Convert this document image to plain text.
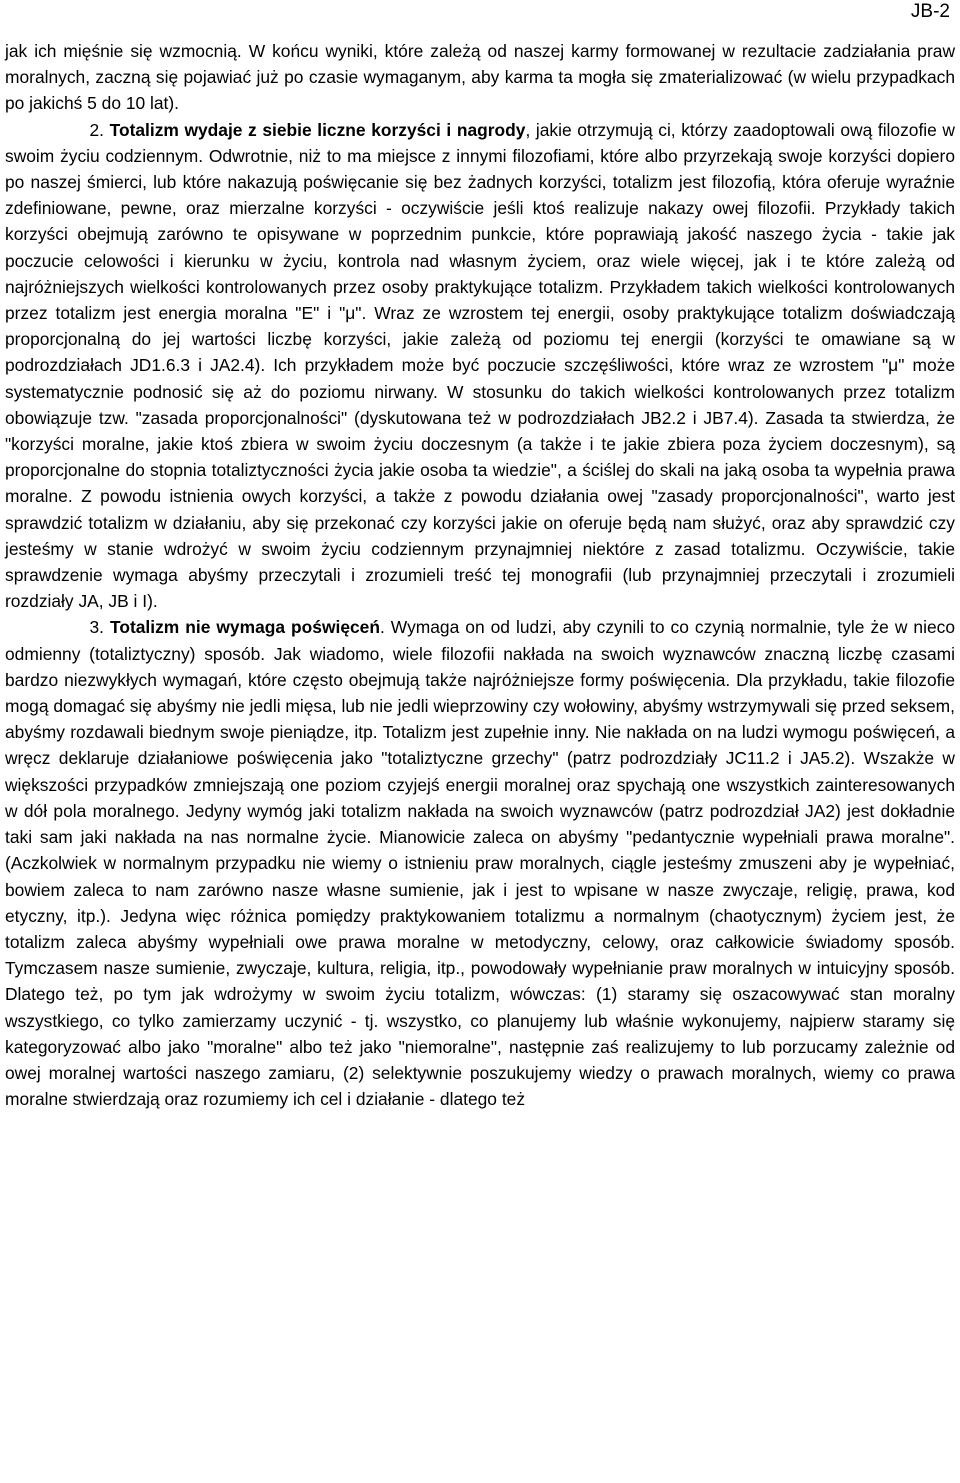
JB-2

jak ich mięśnie się wzmocnią. W końcu wyniki, które zależą od naszej karmy formowanej w rezultacie zadziałania praw moralnych, zaczną się pojawiać już po czasie wymaganym, aby karma ta mogła się zmaterializować (w wielu przypadkach po jakichś 5 do 10 lat).

2. Totalizm wydaje z siebie liczne korzyści i nagrody, jakie otrzymują ci, którzy zaadoptowali ową filozofie w swoim życiu codziennym. Odwrotnie, niż to ma miejsce z innymi filozofiami, które albo przyrzekają swoje korzyści dopiero po naszej śmierci, lub które nakazują poświęcanie się bez żadnych korzyści, totalizm jest filozofią, która oferuje wyraźnie zdefiniowane, pewne, oraz mierzalne korzyści - oczywiście jeśli ktoś realizuje nakazy owej filozofii. Przykłady takich korzyści obejmują zarówno te opisywane w poprzednim punkcie, które poprawiają jakość naszego życia - takie jak poczucie celowości i kierunku w życiu, kontrola nad własnym życiem, oraz wiele więcej, jak i te które zależą od najróżniejszych wielkości kontrolowanych przez osoby praktykujące totalizm. Przykładem takich wielkości kontrolowanych przez totalizm jest energia moralna "E" i "μ". Wraz ze wzrostem tej energii, osoby praktykujące totalizm doświadczają proporcjonalną do jej wartości liczbę korzyści, jakie zależą od poziomu tej energii (korzyści te omawiane są w podrozdziałach JD1.6.3 i JA2.4). Ich przykładem może być poczucie szczęśliwości, które wraz ze wzrostem "μ" może systematycznie podnosić się aż do poziomu nirwany. W stosunku do takich wielkości kontrolowanych przez totalizm obowiązuje tzw. "zasada proporcjonalności" (dyskutowana też w podrozdziałach JB2.2 i JB7.4). Zasada ta stwierdza, że "korzyści moralne, jakie ktoś zbiera w swoim życiu doczesnym (a także i te jakie zbiera poza życiem doczesnym), są proporcjonalne do stopnia totaliztyczności życia jakie osoba ta wiedzie", a ściślej do skali na jaką osoba ta wypełnia prawa moralne. Z powodu istnienia owych korzyści, a także z powodu działania owej "zasady proporcjonalności", warto jest sprawdzić totalizm w działaniu, aby się przekonać czy korzyści jakie on oferuje będą nam służyć, oraz aby sprawdzić czy jesteśmy w stanie wdrożyć w swoim życiu codziennym przynajmniej niektóre z zasad totalizmu. Oczywiście, takie sprawdzenie wymaga abyśmy przeczytali i zrozumieli treść tej monografii (lub przynajmniej przeczytali i zrozumieli rozdziały JA, JB i I).

3. Totalizm nie wymaga poświęceń. Wymaga on od ludzi, aby czynili to co czynią normalnie, tyle że w nieco odmienny (totaliztyczny) sposób. Jak wiadomo, wiele filozofii nakłada na swoich wyznawców znaczną liczbę czasami bardzo niezwykłych wymagań, które często obejmują także najróżniejsze formy poświęcenia. Dla przykładu, takie filozofie mogą domagać się abyśmy nie jedli mięsa, lub nie jedli wieprzowiny czy wołowiny, abyśmy wstrzymywali się przed seksem, abyśmy rozdawali biednym swoje pieniądze, itp. Totalizm jest zupełnie inny. Nie nakłada on na ludzi wymogu poświęceń, a wręcz deklaruje działaniowe poświęcenia jako "totaliztyczne grzechy" (patrz podrozdziały JC11.2 i JA5.2). Wszakże w większości przypadków zmniejszają one poziom czyjejś energii moralnej oraz spychają one wszystkich zainteresowanych w dół pola moralnego. Jedyny wymóg jaki totalizm nakłada na swoich wyznawców (patrz podrozdział JA2) jest dokładnie taki sam jaki nakłada na nas normalne życie. Mianowicie zaleca on abyśmy "pedantycznie wypełniali prawa moralne". (Aczkolwiek w normalnym przypadku nie wiemy o istnieniu praw moralnych, ciągle jesteśmy zmuszeni aby je wypełniać, bowiem zaleca to nam zarówno nasze własne sumienie, jak i jest to wpisane w nasze zwyczaje, religię, prawa, kod etyczny, itp.). Jedyna więc różnica pomiędzy praktykowaniem totalizmu a normalnym (chaotycznym) życiem jest, że totalizm zaleca abyśmy wypełniali owe prawa moralne w metodyczny, celowy, oraz całkowicie świadomy sposób. Tymczasem nasze sumienie, zwyczaje, kultura, religia, itp., powodowały wypełnianie praw moralnych w intuicyjny sposób. Dlatego też, po tym jak wdrożymy w swoim życiu totalizm, wówczas: (1) staramy się oszacowywać stan moralny wszystkiego, co tylko zamierzamy uczynić - tj. wszystko, co planujemy lub właśnie wykonujemy, najpierw staramy się kategoryzować albo jako "moralne" albo też jako "niemoralne", następnie zaś realizujemy to lub porzucamy zależnie od owej moralnej wartości naszego zamiaru, (2) selektywnie poszukujemy wiedzy o prawach moralnych, wiemy co prawa moralne stwierdzają oraz rozumiemy ich cel i działanie - dlatego też
